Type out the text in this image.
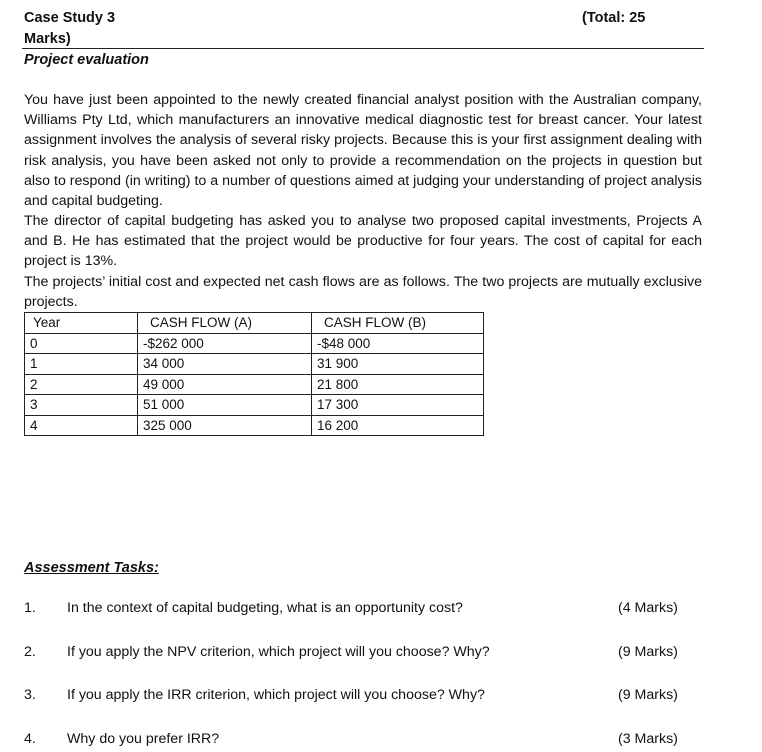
Case Study 3
Marks)
(Total: 25
Project evaluation
You have just been appointed to the newly created financial analyst position with the Australian company, Williams Pty Ltd, which manufacturers an innovative medical diagnostic test for breast cancer. Your latest assignment involves the analysis of several risky projects. Because this is your first assignment dealing with risk analysis, you have been asked not only to provide a recommendation on the projects in question but also to respond (in writing) to a number of questions aimed at judging your understanding of project analysis and capital budgeting.
The director of capital budgeting has asked you to analyse two proposed capital investments, Projects A and B. He has estimated that the project would be productive for four years. The cost of capital for each project is 13%.
The projects’ initial cost and expected net cash flows are as follows. The two projects are mutually exclusive projects.
Year	CASH FLOW (A)	CASH FLOW (B)
0	-$262 000	-$48 000
1	34 000	31 900
2	49 000	21 800
3	51 000	17 300
4	325 000	16 200
Assessment Tasks:
1. In the context of capital budgeting, what is an opportunity cost?	(4 Marks)
2. If you apply the NPV criterion, which project will you choose? Why?	(9 Marks)
3. If you apply the IRR criterion, which project will you choose? Why?	(9 Marks)
4. Why do you prefer IRR?	(3 Marks)
